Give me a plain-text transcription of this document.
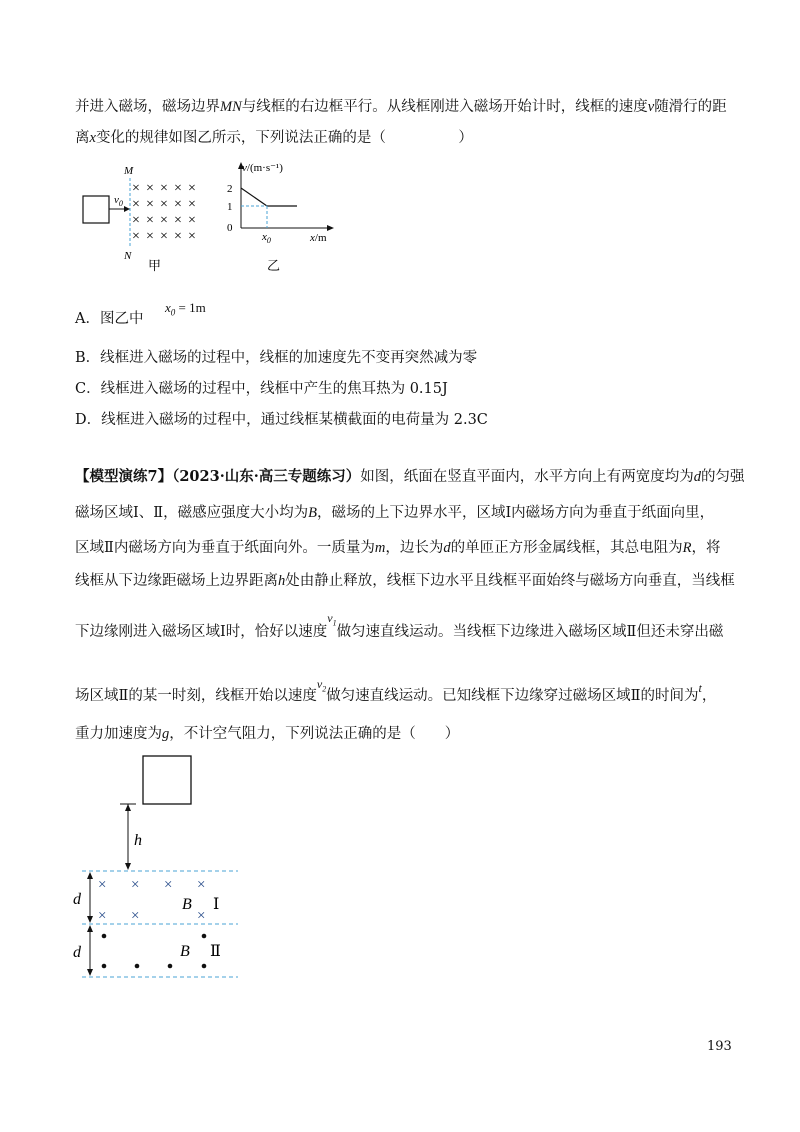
并进入磁场，磁场边界MN与线框的右边框平行。从线框刚进入磁场开始计时，线框的速度v随滑行的距
离x变化的规律如图乙所示，下列说法正确的是（　　　　　）
$v_0$
M
N
× × × × ×
× × × × ×
× × × × ×
× × × × ×
甲
v/(m·s⁻¹)
2
1
0
$x_0$	x/m
乙
A．图乙中
$x_0 = 1m$
B．线框进入磁场的过程中，线框的加速度先不变再突然减为零
C．线框进入磁场的过程中，线框中产生的焦耳热为 0.15J
D．线框进入磁场的过程中，通过线框某横截面的电荷量为 2.3C
【模型演练7】（2023·山东·高三专题练习）如图，纸面在竖直平面内，水平方向上有两宽度均为d的匀强
磁场区域Ⅰ、Ⅱ，磁感应强度大小均为B，磁场的上下边界水平，区域Ⅰ内磁场方向为垂直于纸面向里，
区域Ⅱ内磁场方向为垂直于纸面向外。一质量为m，边长为d的单匝正方形金属线框，其总电阻为R，将
线框从下边缘距磁场上边界距离h处由静止释放，线框下边水平且线框平面始终与磁场方向垂直，当线框
下边缘刚进入磁场区域Ⅰ时，恰好以速度$^{v_1}$做匀速直线运动。当线框下边缘进入磁场区域Ⅱ但还未穿出磁
场区域Ⅱ的某一时刻，线框开始以速度$^{v_2}$做匀速直线运动。已知线框下边缘穿过磁场区域Ⅱ的时间为$^t$，
重力加速度为g，不计空气阻力，下列说法正确的是（　　）
h
d
d
× × × ×
× ×	×
B Ⅰ
B Ⅱ
193
